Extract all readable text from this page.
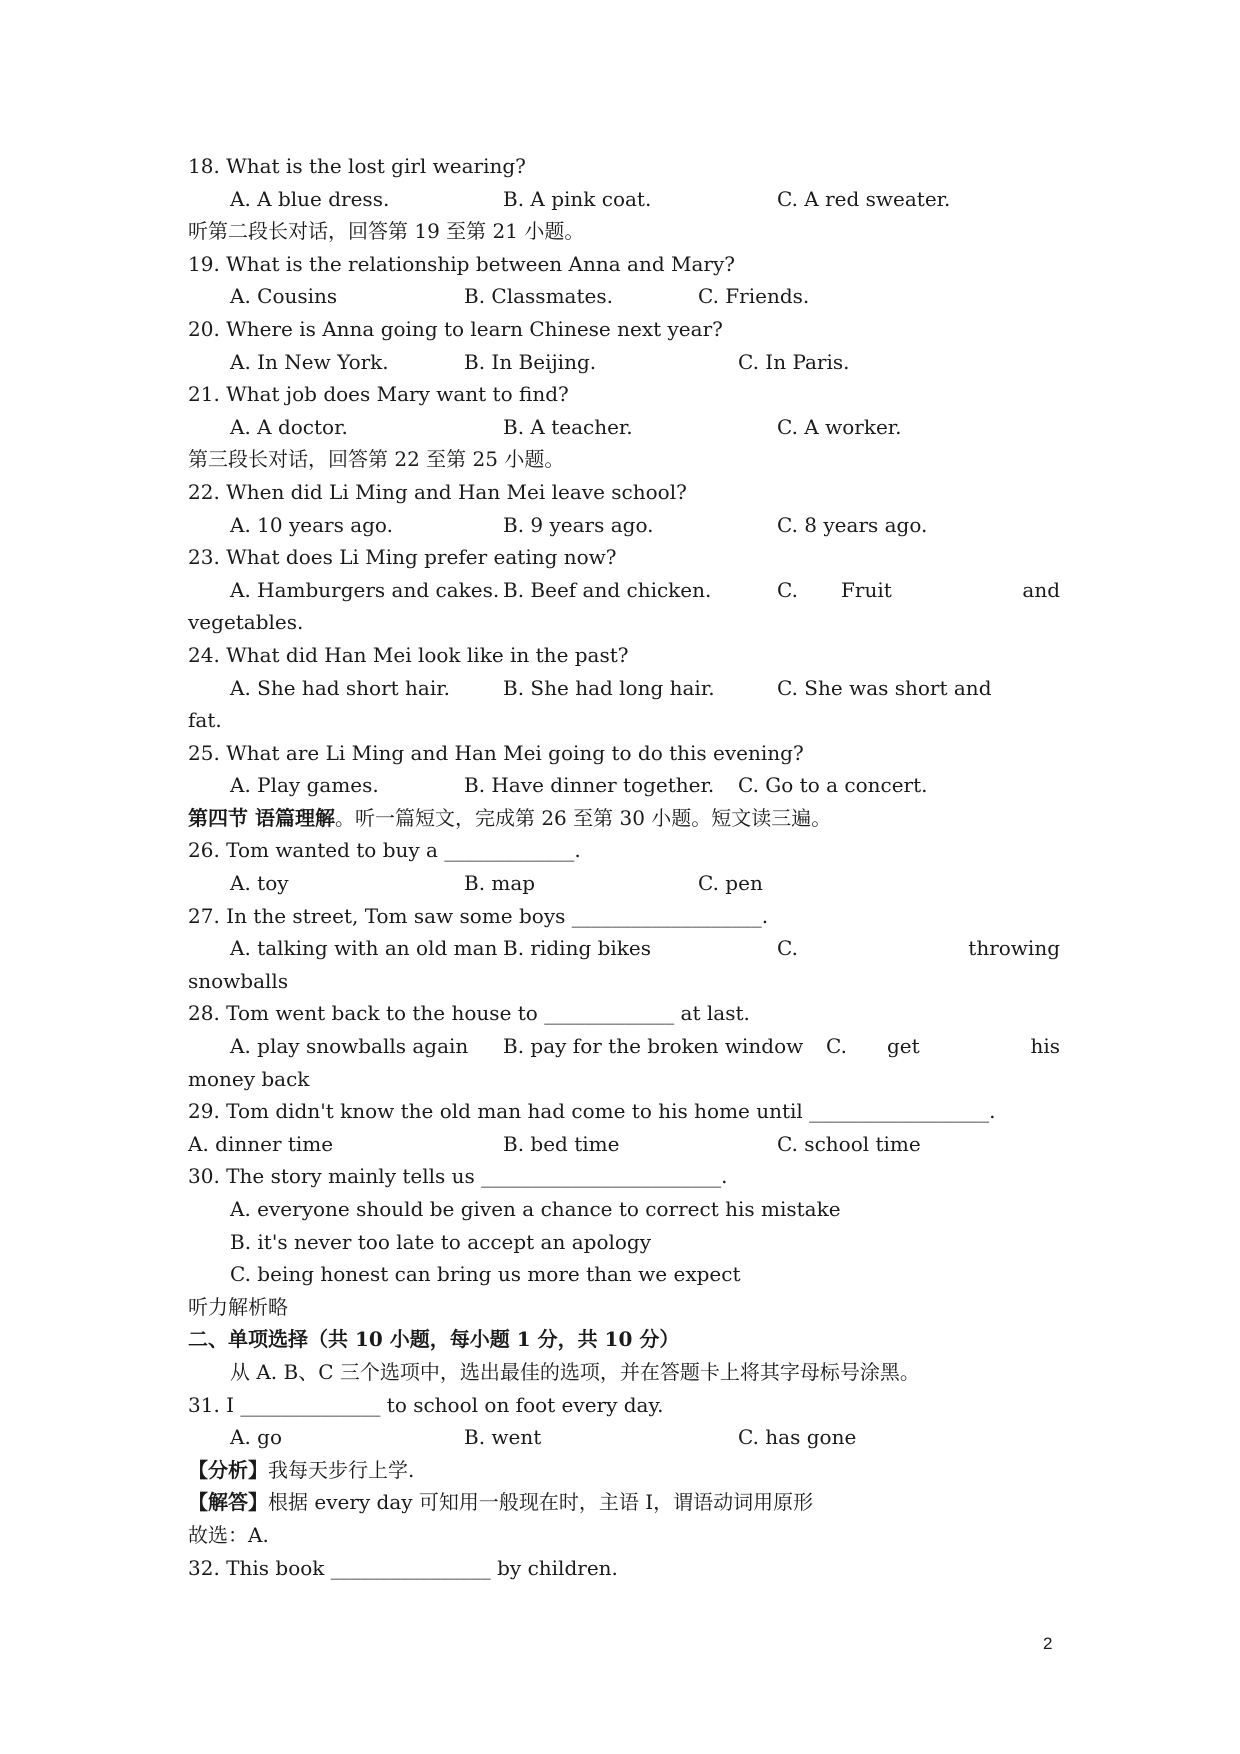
18. What is the lost girl wearing?
A. A blue dress.	B. A pink coat.	C. A red sweater.
听第二段长对话，回答第 19 至第 21 小题。
19. What is the relationship between Anna and Mary?
A. Cousins	B. Classmates.	C. Friends.
20. Where is Anna going to learn Chinese next year?
A. In New York.	B. In Beijing.	C. In Paris.
21. What job does Mary want to find?
A. A doctor.	B. A teacher.	C. A worker.
第三段长对话，回答第 22 至第 25 小题。
22. When did Li Ming and Han Mei leave school?
A. 10 years ago.	B. 9 years ago.	C. 8 years ago.
23. What does Li Ming prefer eating now?
A. Hamburgers and cakes. B. Beef and chicken.	C. Fruit	and
vegetables.
24. What did Han Mei look like in the past?
A. She had short hair.	B. She had long hair.	C. She was short and
fat.
25. What are Li Ming and Han Mei going to do this evening?
A. Play games.	B. Have dinner together. C. Go to a concert.
第四节 语篇理解。听一篇短文，完成第 26 至第 30 小题。短文读三遍。
26. Tom wanted to buy a _____________.
A. toy	B. map	C. pen
27. In the street, Tom saw some boys ___________________.
A. talking with an old man B. riding bikes	C.	throwing
snowballs
28. Tom went back to the house to _____________ at last.
A. play snowballs again B. pay for the broken window C. get	his
money back
29. Tom didn't know the old man had come to his home until __________________.
A. dinner time	B. bed time	C. school time
30. The story mainly tells us ________________________.
A. everyone should be given a chance to correct his mistake
B. it's never too late to accept an apology
C. being honest can bring us more than we expect
听力解析略
二、单项选择（共 10 小题，每小题 1 分，共 10 分）
从 A. B、C 三个选项中，选出最佳的选项，并在答题卡上将其字母标号涂黑。
31. I ______________ to school on foot every day.
A. go	B. went	C. has gone
【分析】我每天步行上学.
【解答】根据 every day 可知用一般现在时，主语 I，谓语动词用原形
故选：A.
32. This book ________________ by children.
2
